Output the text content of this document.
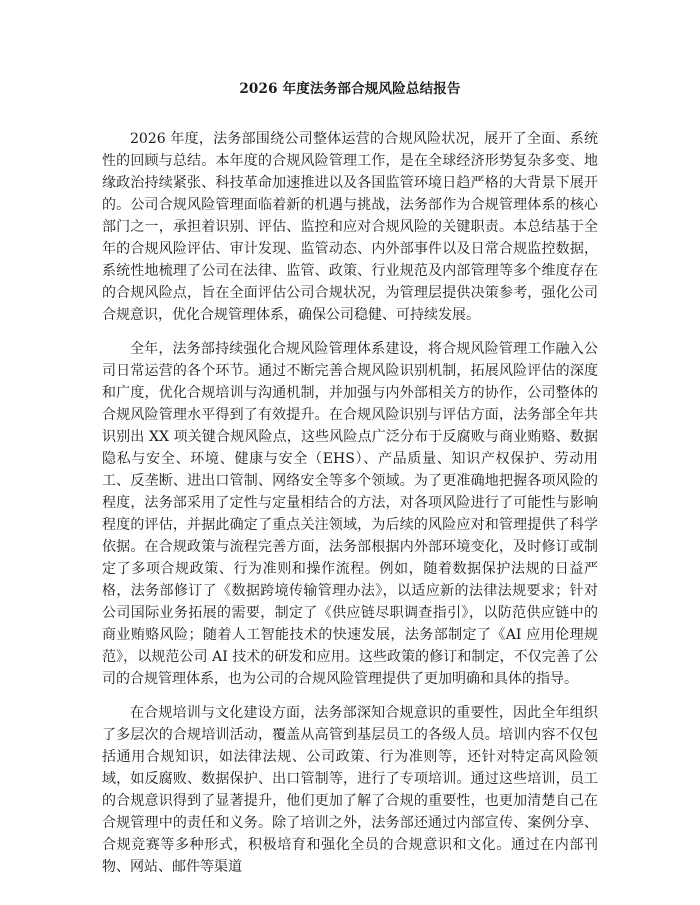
2026 年度法务部合规风险总结报告

2026 年度，法务部围绕公司整体运营的合规风险状况，展开了全面、系统性的回顾与总结。本年度的合规风险管理工作，是在全球经济形势复杂多变、地缘政治持续紧张、科技革命加速推进以及各国监管环境日趋严格的大背景下展开的。公司合规风险管理面临着新的机遇与挑战，法务部作为合规管理体系的核心部门之一，承担着识别、评估、监控和应对合规风险的关键职责。本总结基于全年的合规风险评估、审计发现、监管动态、内外部事件以及日常合规监控数据，系统性地梳理了公司在法律、监管、政策、行业规范及内部管理等多个维度存在的合规风险点，旨在全面评估公司合规状况，为管理层提供决策参考，强化公司合规意识，优化合规管理体系，确保公司稳健、可持续发展。

全年，法务部持续强化合规风险管理体系建设，将合规风险管理工作融入公司日常运营的各个环节。通过不断完善合规风险识别机制，拓展风险评估的深度和广度，优化合规培训与沟通机制，并加强与内外部相关方的协作，公司整体的合规风险管理水平得到了有效提升。在合规风险识别与评估方面，法务部全年共识别出 XX 项关键合规风险点，这些风险点广泛分布于反腐败与商业贿赂、数据隐私与安全、环境、健康与安全（EHS）、产品质量、知识产权保护、劳动用工、反垄断、进出口管制、网络安全等多个领域。为了更准确地把握各项风险的程度，法务部采用了定性与定量相结合的方法，对各项风险进行了可能性与影响程度的评估，并据此确定了重点关注领域，为后续的风险应对和管理提供了科学依据。在合规政策与流程完善方面，法务部根据内外部环境变化，及时修订或制定了多项合规政策、行为准则和操作流程。例如，随着数据保护法规的日益严格，法务部修订了《数据跨境传输管理办法》，以适应新的法律法规要求；针对公司国际业务拓展的需要，制定了《供应链尽职调查指引》，以防范供应链中的商业贿赂风险；随着人工智能技术的快速发展，法务部制定了《AI 应用伦理规范》，以规范公司 AI 技术的研发和应用。这些政策的修订和制定，不仅完善了公司的合规管理体系，也为公司的合规风险管理提供了更加明确和具体的指导。

在合规培训与文化建设方面，法务部深知合规意识的重要性，因此全年组织了多层次的合规培训活动，覆盖从高管到基层员工的各级人员。培训内容不仅包括通用合规知识，如法律法规、公司政策、行为准则等，还针对特定高风险领域，如反腐败、数据保护、出口管制等，进行了专项培训。通过这些培训，员工的合规意识得到了显著提升，他们更加了解了合规的重要性，也更加清楚自己在合规管理中的责任和义务。除了培训之外，法务部还通过内部宣传、案例分享、合规竞赛等多种形式，积极培育和强化全员的合规意识和文化。通过在内部刊物、网站、邮件等渠道
